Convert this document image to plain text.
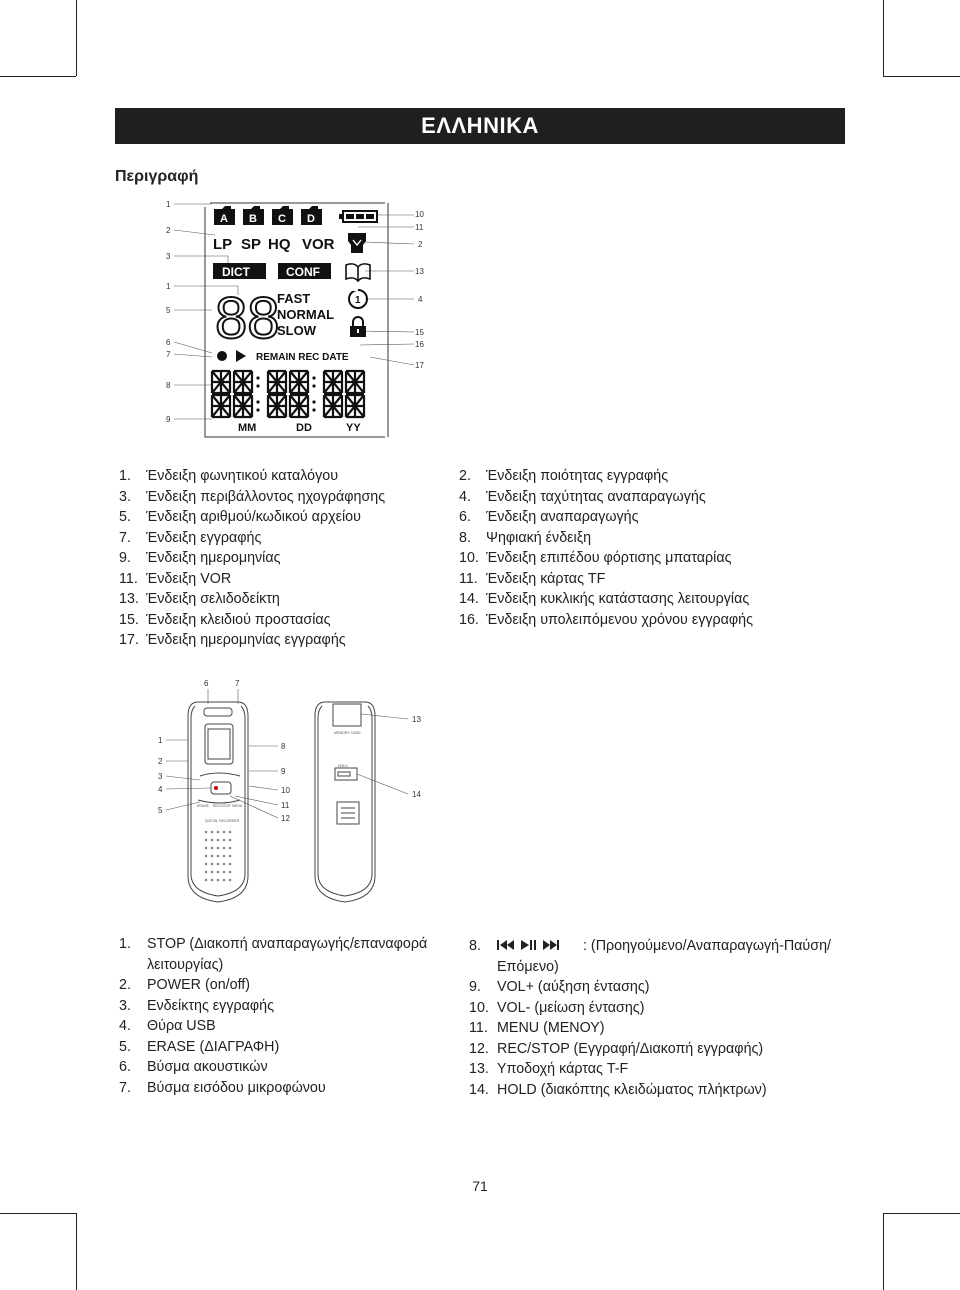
ΕΛΛΗΝΙΚΑ
Περιγραφή
1
2
3
1
5
6
7
8
9
10
11
2
13
4
15
16
17
A B C D
LP SP HQ VOR
DICT	CONF
88
FAST
NORMAL
SLOW
1
REMAIN REC DATE
MM	DD	YY
1.	Ένδειξη φωνητικού καταλόγου
3.	Ένδειξη περιβάλλοντος ηχογράφησης
5.	Ένδειξη αριθμού/κωδικού αρχείου
7.	Ένδειξη εγγραφής
9.	Ένδειξη ημερομηνίας
11. Ένδειξη VOR
13. Ένδειξη σελιδοδείκτη
15. Ένδειξη κλειδιού προστασίας
17. Ένδειξη ημερομηνίας εγγραφής
2.	Ένδειξη ποιότητας εγγραφής
4.	Ένδειξη ταχύτητας αναπαραγωγής
6.	Ένδειξη αναπαραγωγής
8.	Ψηφιακή ένδειξη
10. Ένδειξη επιπέδου φόρτισης μπαταρίας
11. Ένδειξη κάρτας TF
14. Ένδειξη κυκλικής κατάστασης λειτουργίας
16. Ένδειξη υπολειπόμενου χρόνου εγγραφής
6	7
1
2
3
4
5
8
9
10
11
12
13
14
ERASE REC/STOP MENU
DIGITAL RECORDER
MEMORY CARD
HOLD
1.	STOP (Διακοπή αναπαραγωγής/επαναφορά λειτουργίας)
2.	POWER (on/off)
3.	Ενδείκτης εγγραφής
4.	Θύρα USB
5.	ERASE (ΔΙΑΓΡΑΦΗ)
6.	Βύσμα ακουστικών
7.	Βύσμα εισόδου μικροφώνου
8.	: (Προηγούμενο/Αναπαραγωγή-Παύση/ Επόμενο)
9.	VOL+ (αύξηση έντασης)
10. VOL- (μείωση έντασης)
11. MENU (ΜΕΝΟΥ)
12. REC/STOP (Εγγραφή/Διακοπή εγγραφής)
13. Υποδοχή κάρτας T-F
14. HOLD (διακόπτης κλειδώματος πλήκτρων)
71
